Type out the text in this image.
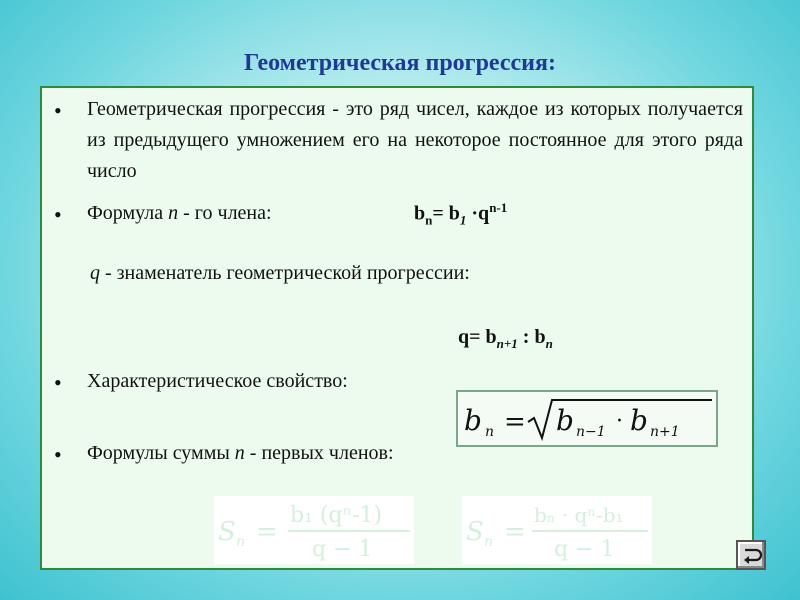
Геометрическая прогрессия:
• Геометрическая прогрессия - это ряд чисел, каждое из которых получается из предыдущего умножением его на некоторое постоянное для этого ряда число
• Формула n - го члена:	$b_n= b_1 \cdot q^{n‑1}$
q - знаменатель геометрической прогрессии:
$q= b_{n+1}$ : $b_n$
• Характеристическое свойство:
b n = b n−1 · b n+1
• Формулы суммы n - первых членов:
S n =
b₁ (qⁿ-1)
q − 1
S n =
bₙ · qⁿ-b₁
q − 1
